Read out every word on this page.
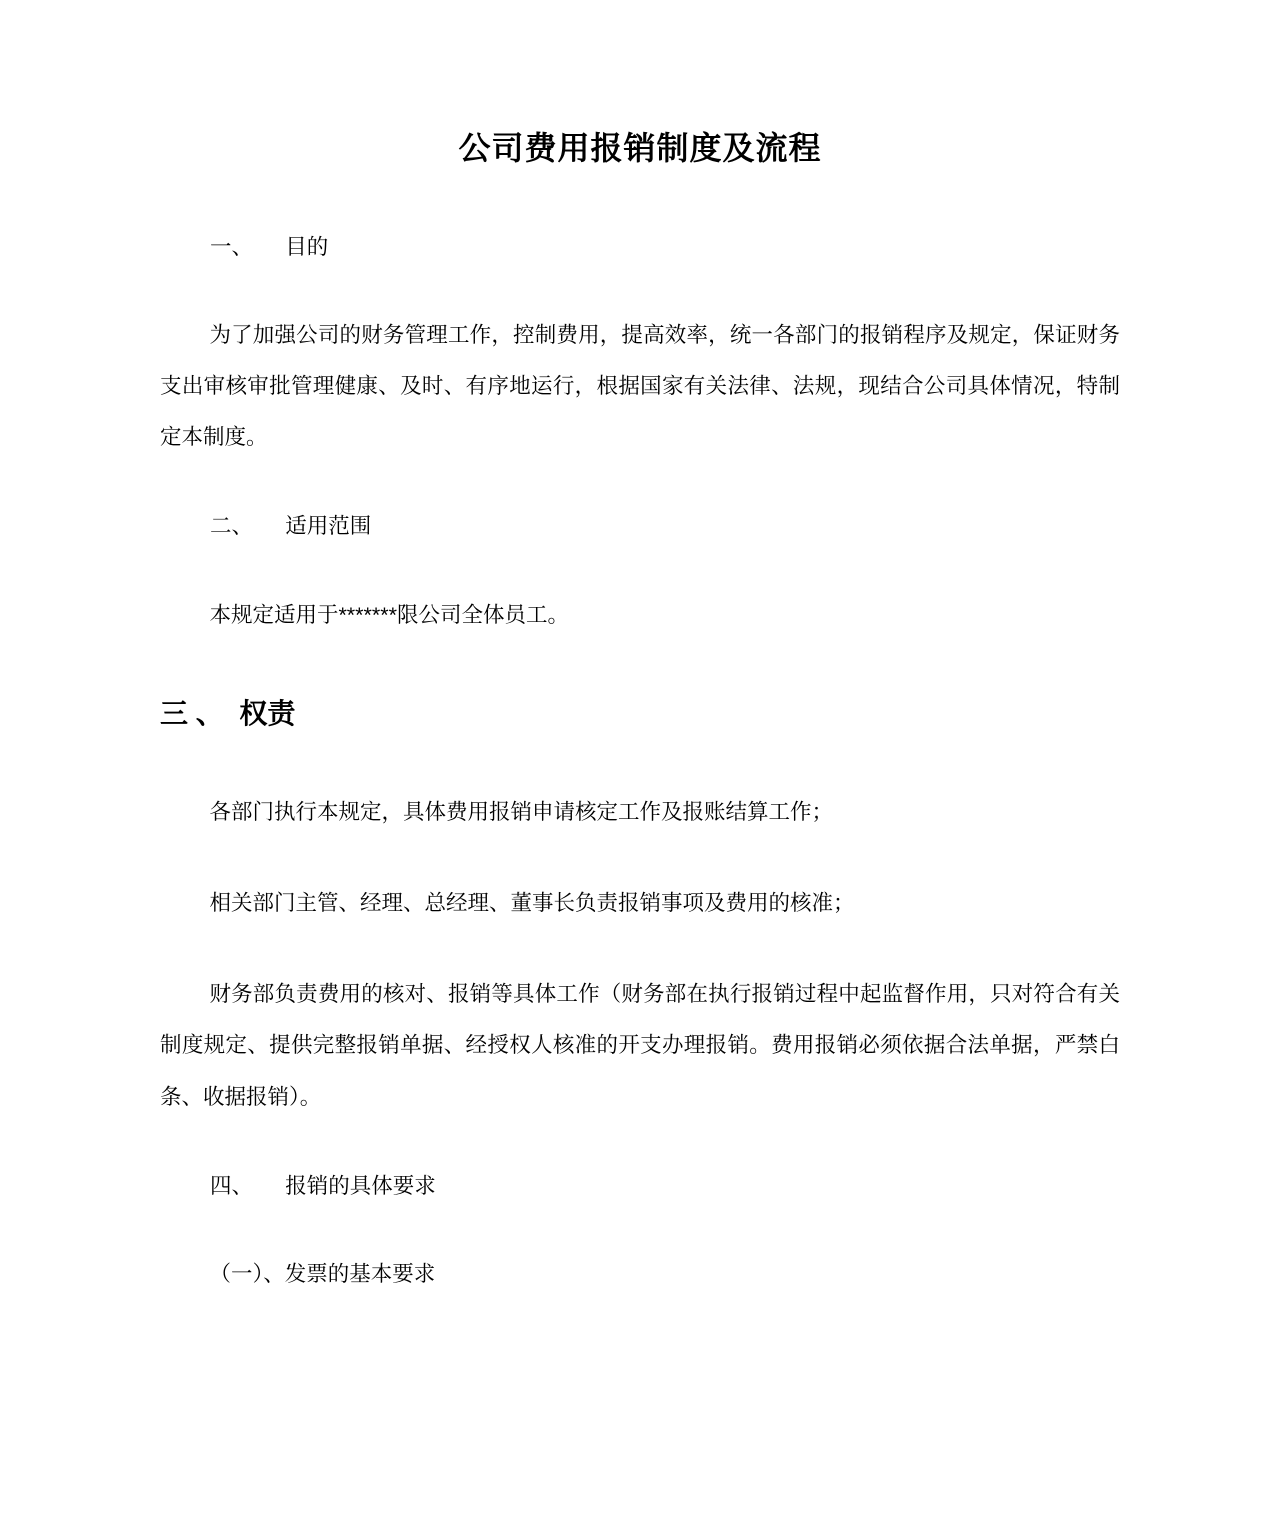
公司费用报销制度及流程
一、　　目的

为了加强公司的财务管理工作，控制费用，提高效率，统一各部门的报销程序及规定，保证财务支出审核审批管理健康、及时、有序地运行，根据国家有关法律、法规，现结合公司具体情况，特制定本制度。

二、　　适用范围

本规定适用于*******限公司全体员工。

三 、  权责

各部门执行本规定，具体费用报销申请核定工作及报账结算工作；

相关部门主管、经理、总经理、董事长负责报销事项及费用的核准；

财务部负责费用的核对、报销等具体工作（财务部在执行报销过程中起监督作用，只对符合有关制度规定、提供完整报销单据、经授权人核准的开支办理报销。费用报销必须依据合法单据，严禁白条、收据报销）。

四、　　报销的具体要求

（一）、发票的基本要求
